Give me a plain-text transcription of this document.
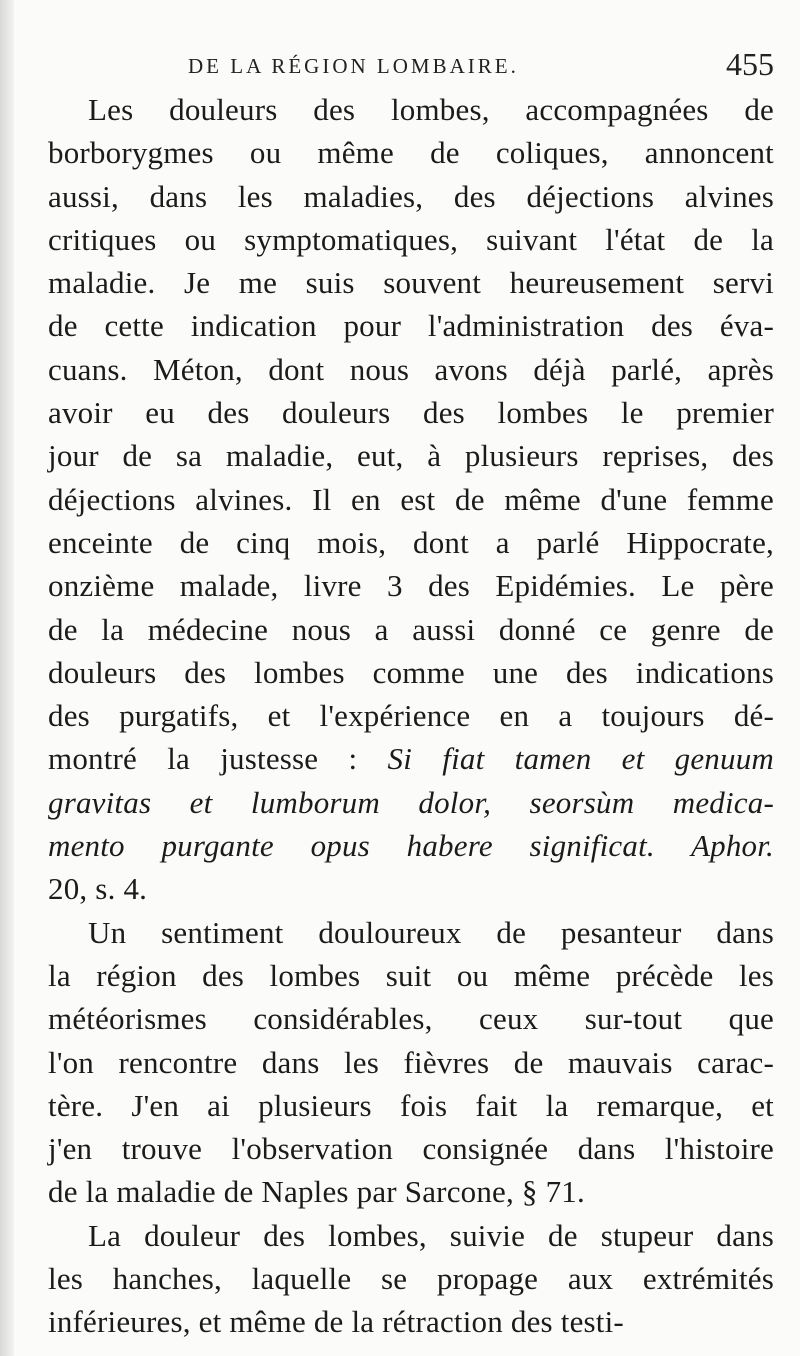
DE LA RÉGION LOMBAIRE.	455
Les douleurs des lombes, accompagnées de
borborygmes ou même de coliques, annoncent
aussi, dans les maladies, des déjections alvines
critiques ou symptomatiques, suivant l'état de la
maladie. Je me suis souvent heureusement servi
de cette indication pour l'administration des éva-
cuans. Méton, dont nous avons déjà parlé, après
avoir eu des douleurs des lombes le premier
jour de sa maladie, eut, à plusieurs reprises, des
déjections alvines. Il en est de même d'une femme
enceinte de cinq mois, dont a parlé Hippocrate,
onzième malade, livre 3 des Epidémies. Le père
de la médecine nous a aussi donné ce genre de
douleurs des lombes comme une des indications
des purgatifs, et l'expérience en a toujours dé-
montré la justesse : Si fiat tamen et genuum
gravitas et lumborum dolor, seorsùm medica-
mento purgante opus habere significat. Aphor.
20, s. 4.
Un sentiment douloureux de pesanteur dans
la région des lombes suit ou même précède les
météorismes considérables, ceux sur-tout que
l'on rencontre dans les fièvres de mauvais carac-
tère. J'en ai plusieurs fois fait la remarque, et
j'en trouve l'observation consignée dans l'histoire
de la maladie de Naples par Sarcone, § 71.
La douleur des lombes, suivie de stupeur dans
les hanches, laquelle se propage aux extrémités
inférieures, et même de la rétraction des testi-
